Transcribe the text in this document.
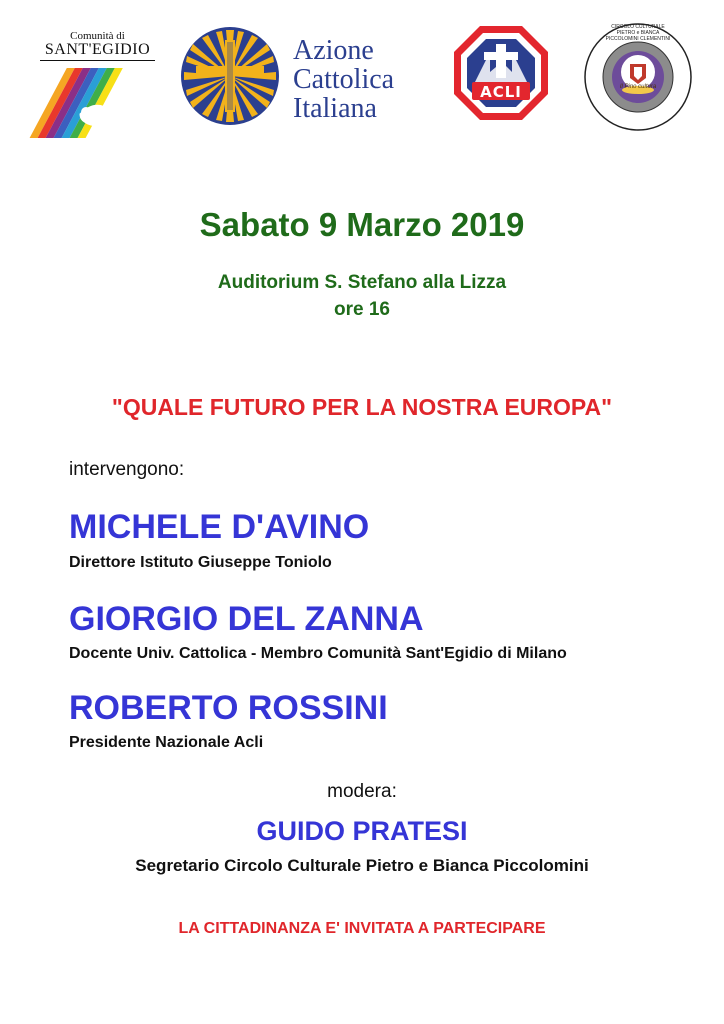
Comunità di
SANT'EGIDIO	Azione
Cattolica
Italiana
ACLI
CIRCOLO CULTURALE PIETRO e BIANCA PICCOLOMINI CLEMENTINI
Il Pino cultura
Sabato 9 Marzo 2019
Auditorium S. Stefano alla Lizza
ore 16
"QUALE FUTURO PER LA NOSTRA EUROPA"
intervengono:
MICHELE D'AVINO
Direttore Istituto Giuseppe Toniolo
GIORGIO DEL ZANNA
Docente Univ. Cattolica - Membro Comunità Sant'Egidio di Milano
ROBERTO ROSSINI
Presidente Nazionale Acli
modera:
GUIDO PRATESI
Segretario Circolo Culturale Pietro e Bianca Piccolomini
LA CITTADINANZA E' INVITATA A PARTECIPARE
